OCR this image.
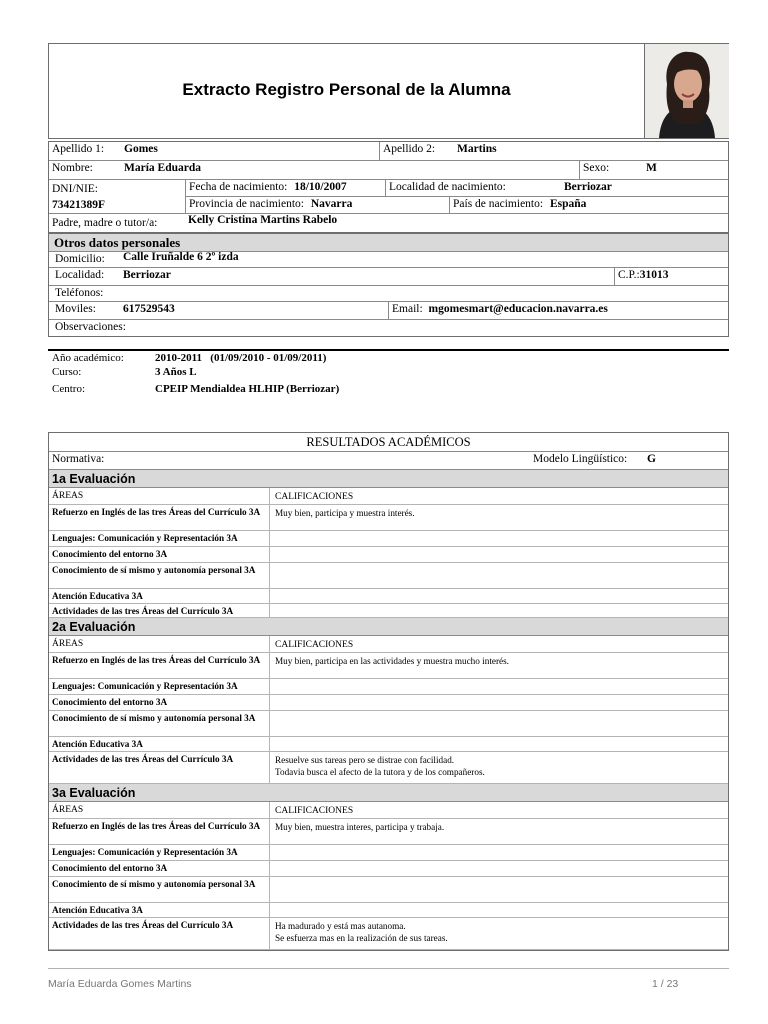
Extracto Registro Personal de la Alumna
Apellido 1:	Gomes	Apellido 2:	Martins
Nombre:	María Eduarda	Sexo:	M
DNI/NIE:
73421389F
Fecha de nacimiento: 18/10/2007	Localidad de nacimiento:	Berriozar
Provincia de nacimiento: Navarra	País de nacimiento: España
Padre, madre o tutor/a:	Kelly Cristina Martins Rabelo
Otros datos personales
Domicilio:	Calle Iruñalde 6 2º izda
Localidad:	Berriozar	C.P.:31013
Teléfonos:
Moviles:	617529543	Email: mgomesmart@educacion.navarra.es
Observaciones:
Año académico:	2010-2011   (01/09/2010 - 01/09/2011)
Curso:	3 Años L
Centro:	CPEIP Mendialdea HLHIP (Berriozar)
RESULTADOS ACADÉMICOS
Normativa:	Modelo Lingüístico: G
1a Evaluación
ÁREAS	CALIFICACIONES
Refuerzo en Inglés de las tres Áreas del Currículo 3A	Muy bien, participa y muestra interés.
Lenguajes: Comunicación y Representación 3A
Conocimiento del entorno 3A
Conocimiento de sí mismo y autonomía personal 3A
Atención Educativa 3A
Actividades de las tres Áreas del Currículo 3A
2a Evaluación
ÁREAS	CALIFICACIONES
Refuerzo en Inglés de las tres Áreas del Currículo 3A	Muy bien, participa en las actividades y muestra mucho interés.
Lenguajes: Comunicación y Representación 3A
Conocimiento del entorno 3A
Conocimiento de sí mismo y autonomía personal 3A
Atención Educativa 3A
Actividades de las tres Áreas del Currículo 3A	Resuelve sus tareas pero se distrae con facilidad.
Todavia busca el afecto de la tutora y de los compañeros.
3a Evaluación
ÁREAS	CALIFICACIONES
Refuerzo en Inglés de las tres Áreas del Currículo 3A	Muy bien, muestra interes, participa y trabaja.
Lenguajes: Comunicación y Representación 3A
Conocimiento del entorno 3A
Conocimiento de sí mismo y autonomía personal 3A
Atención Educativa 3A
Actividades de las tres Áreas del Currículo 3A	Ha madurado y está mas autanoma.
Se esfuerza mas en la realización de sus tareas.
María Eduarda Gomes Martins	1 / 23
